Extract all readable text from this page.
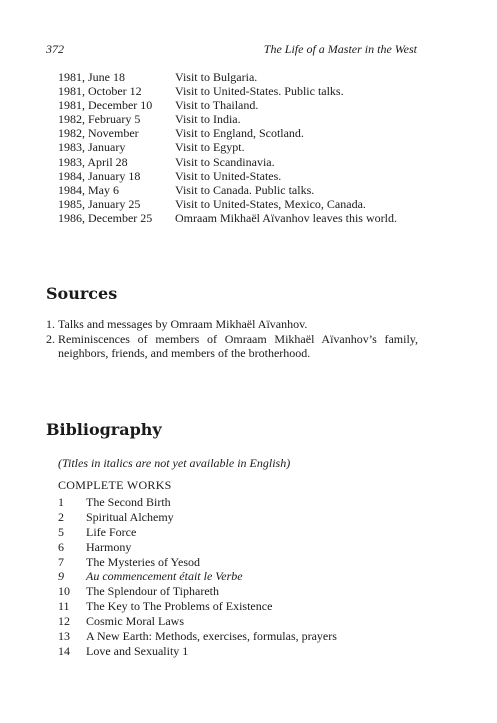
372	The Life of a Master in the West
1981, June 18	Visit to Bulgaria.
1981, October 12	Visit to United-States. Public talks.
1981, December 10	Visit to Thailand.
1982, February 5	Visit to India.
1982, November	Visit to England, Scotland.
1983, January	Visit to Egypt.
1983, April 28	Visit to Scandinavia.
1984, January 18	Visit to United-States.
1984, May 6	Visit to Canada. Public talks.
1985, January 25	Visit to United-States, Mexico, Canada.
1986, December 25	Omraam Mikhaël Aïvanhov leaves this world.
Sources
1. Talks and messages by Omraam Mikhaël Aïvanhov.
2. Reminiscences of members of Omraam Mikhaël Aïvanhov’s family, neighbors, friends, and members of the brotherhood.
Bibliography
(Titles in italics are not yet available in English)
COMPLETE WORKS
1	The Second Birth
2	Spiritual Alchemy
5	Life Force
6	Harmony
7	The Mysteries of Yesod
9	Au commencement était le Verbe
10	The Splendour of Tiphareth
11	The Key to The Problems of Existence
12	Cosmic Moral Laws
13	A New Earth: Methods, exercises, formulas, prayers
14	Love and Sexuality 1
